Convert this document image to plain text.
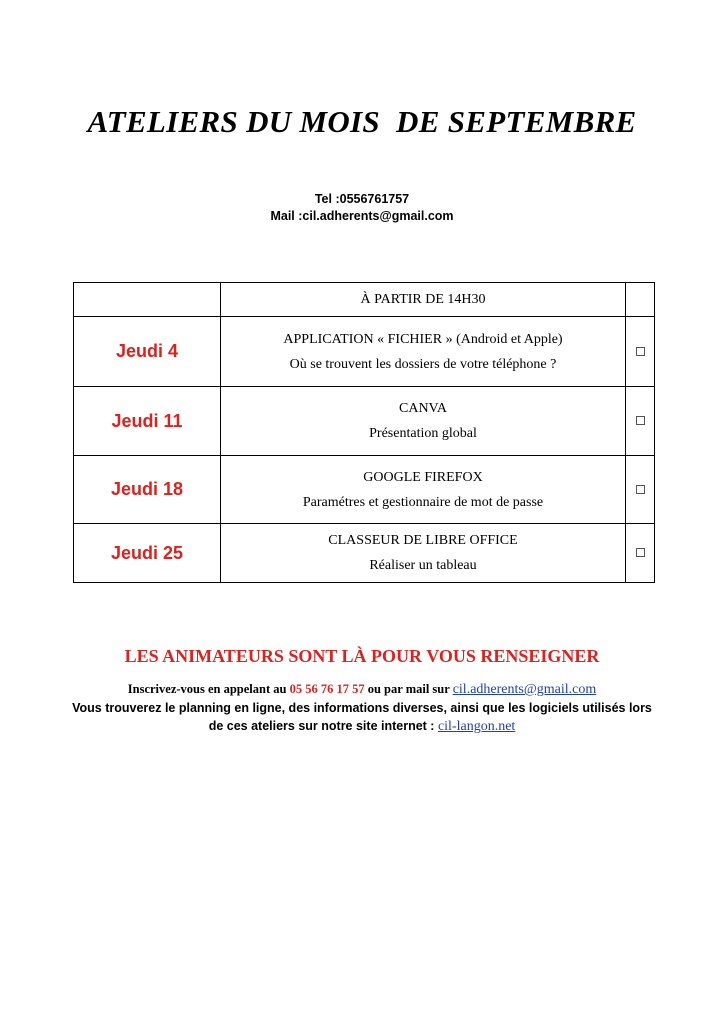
ATELIERS DU MOIS  DE SEPTEMBRE
Tel :0556761757
Mail :cil.adherents@gmail.com
	À PARTIR DE 14H30	
Jeudi 4	APPLICATION « FICHIER » (Android et Apple)
Où se trouvent les dossiers de votre téléphone ?	

Jeudi 11	CANVA
Présentation global	

Jeudi 18	GOOGLE FIREFOX
Paramétres et gestionnaire de mot de passe	

Jeudi 25	CLASSEUR DE LIBRE OFFICE
Réaliser un tableau	

LES ANIMATEURS SONT LÀ POUR VOUS RENSEIGNER
Inscrivez-vous en appelant au 05 56 76 17 57 ou par mail sur cil.adherents@gmail.com
Vous trouverez le planning en ligne, des informations diverses, ainsi que les logiciels utilisés lors
de ces ateliers sur notre site internet : cil-langon.net
